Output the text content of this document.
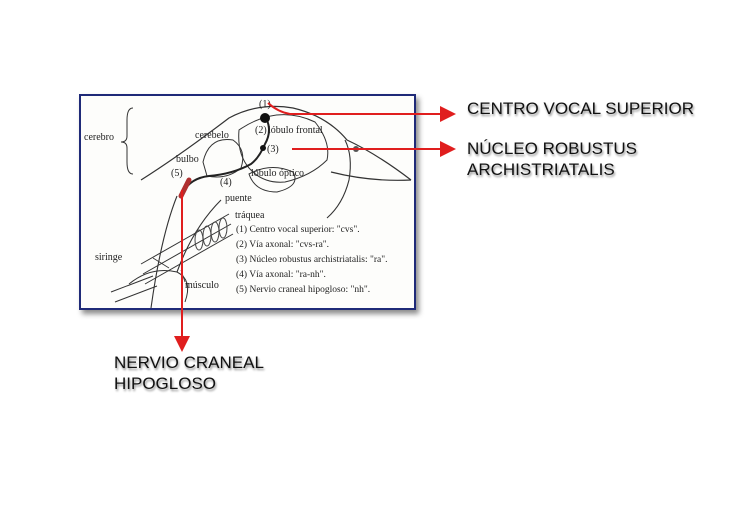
(1)
(2) lóbulo frontal
(3)
(4)
(5)	lóbulo óptico
cerebro	cerebelo
bulbo
puente
tráquea
siringe
músculo
(1) Centro vocal superior: "cvs".
(2) Vía axonal: "cvs-ra".
(3) Núcleo robustus archistriatalis: "ra".
(4) Vía axonal: "ra-nh".
(5) Nervio craneal hipogloso: "nh".
CENTRO VOCAL SUPERIOR
NÚCLEO ROBUSTUS
ARCHISTRIATALIS
NERVIO CRANEAL
HIPOGLOSO
